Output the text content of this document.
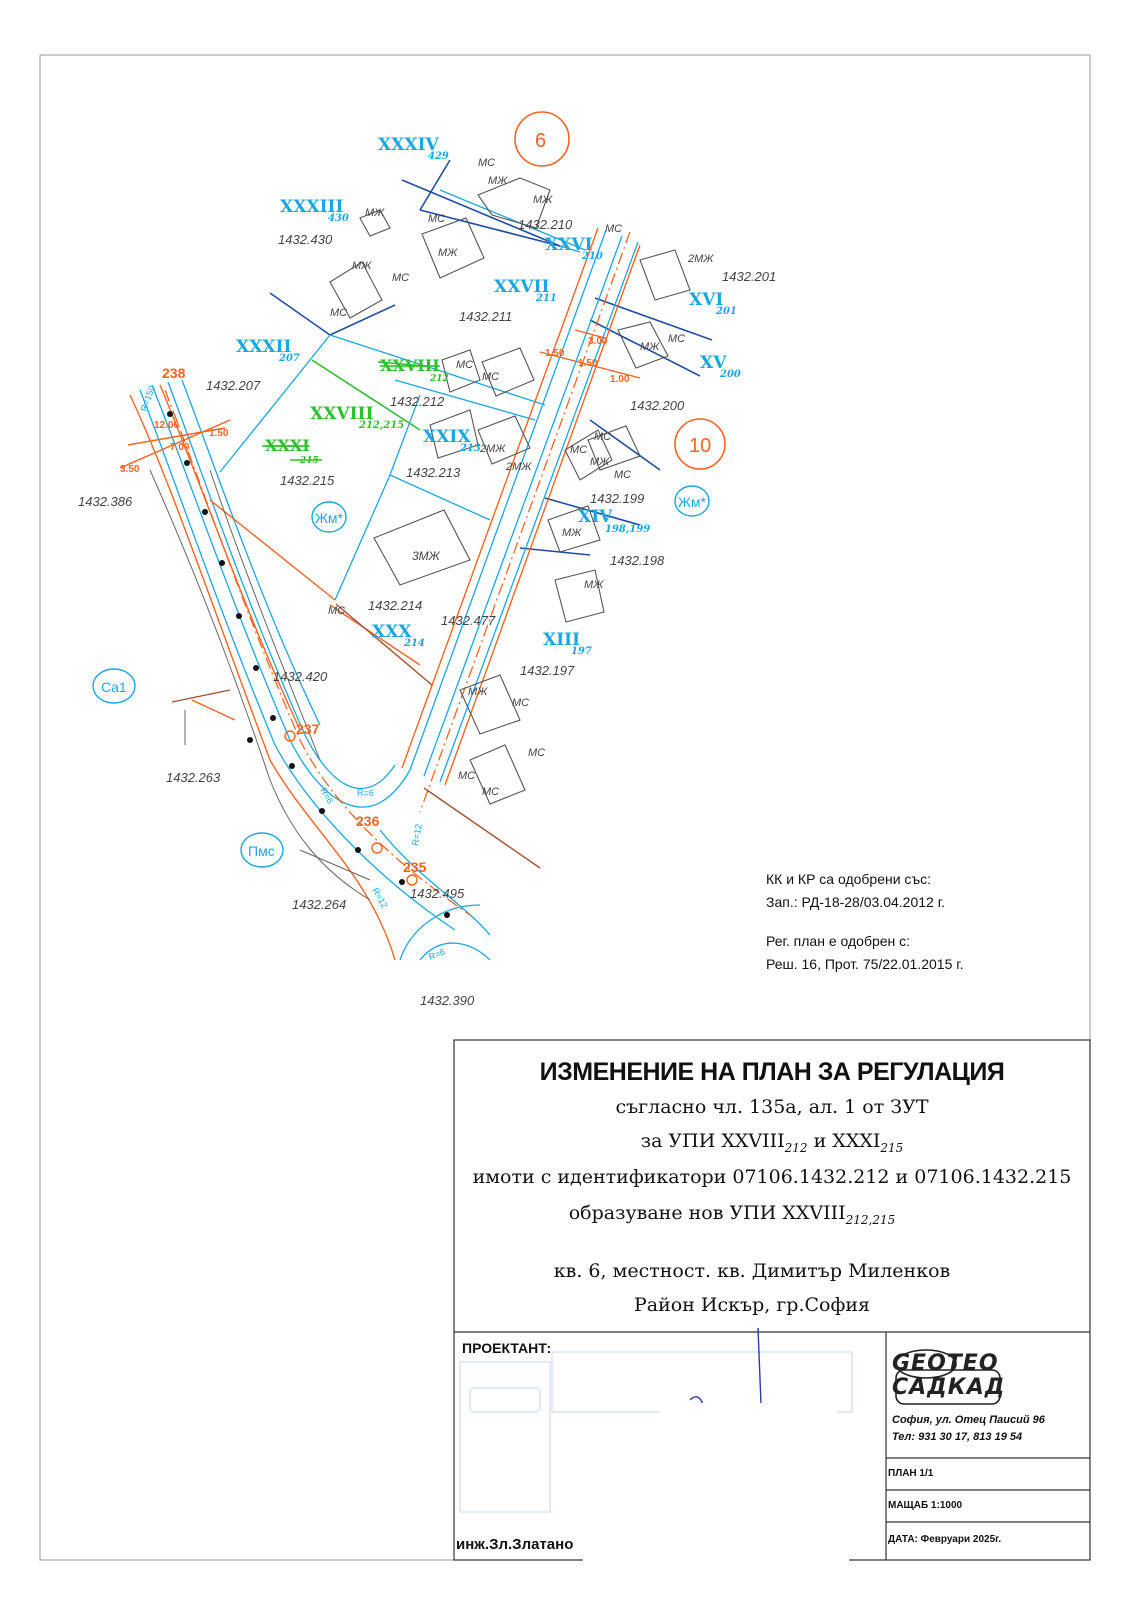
6
10
XXXIV
429
XXXIII
430
XXVI
210
XXVII
211	XVI
201
XV
200
XXXII
207
XXIX
213
XIV
198,199
XXX
214	XIII
197
XXVIII
212
XXVIII
212,215
XXXI
215
1432.430
1432.210
1432.201
1432.211
1432.207
1432.212	1432.200
1432.215
1432.213
1432.199
1432.386
1432.198
1432.214
1432.477
1432.197
1432.420
1432.263
1432.264
1432.495
1432.390
Жм*
Жм*
Ca1
Пмс
МС
МЖ
МЖ
МЖ	МС
МС
МЖ	2МЖ
МЖ
МС
МС
МС
МС
МС
МЖ
2МЖ
2МЖ
МС
МС
МЖ
МС
МЖ
3МЖ
МЖ
МС
МЖ
МС
МС
МС
МС
238
237
236
235
3.50
12.00
7.00
1.50
1.50
1.50
3.00
1.00
R=150
R=6
R=6
R=6
R=12
R=12
КК и КР са одобрени със:
Зап.: РД-18-28/03.04.2012 г.
Рег. план е одобрен с:
Реш. 16, Прот. 75/22.01.2015 г.
ИЗМЕНЕНИЕ НА ПЛАН ЗА РЕГУЛАЦИЯ
съгласно чл. 135а, ал. 1 от ЗУТ
за УПИ $XXVIII_{212}$ и $XXXI_{215}$
имоти с идентификатори 07106.1432.212 и 07106.1432.215
образуване нов УПИ $XXVIII_{212,215}$
кв. 6, местност. кв. Димитър Миленков
Район Искър, гр.София
ПРОЕКТАНТ:
инж.Зл.Златано
GEOTEO
САДКАД
София, ул. Отец Паисий 96
Тел: 931 30 17, 813 19 54
ПЛАН 1/1
МАЩАБ 1:1000
ДАТА: Февруари 2025г.
